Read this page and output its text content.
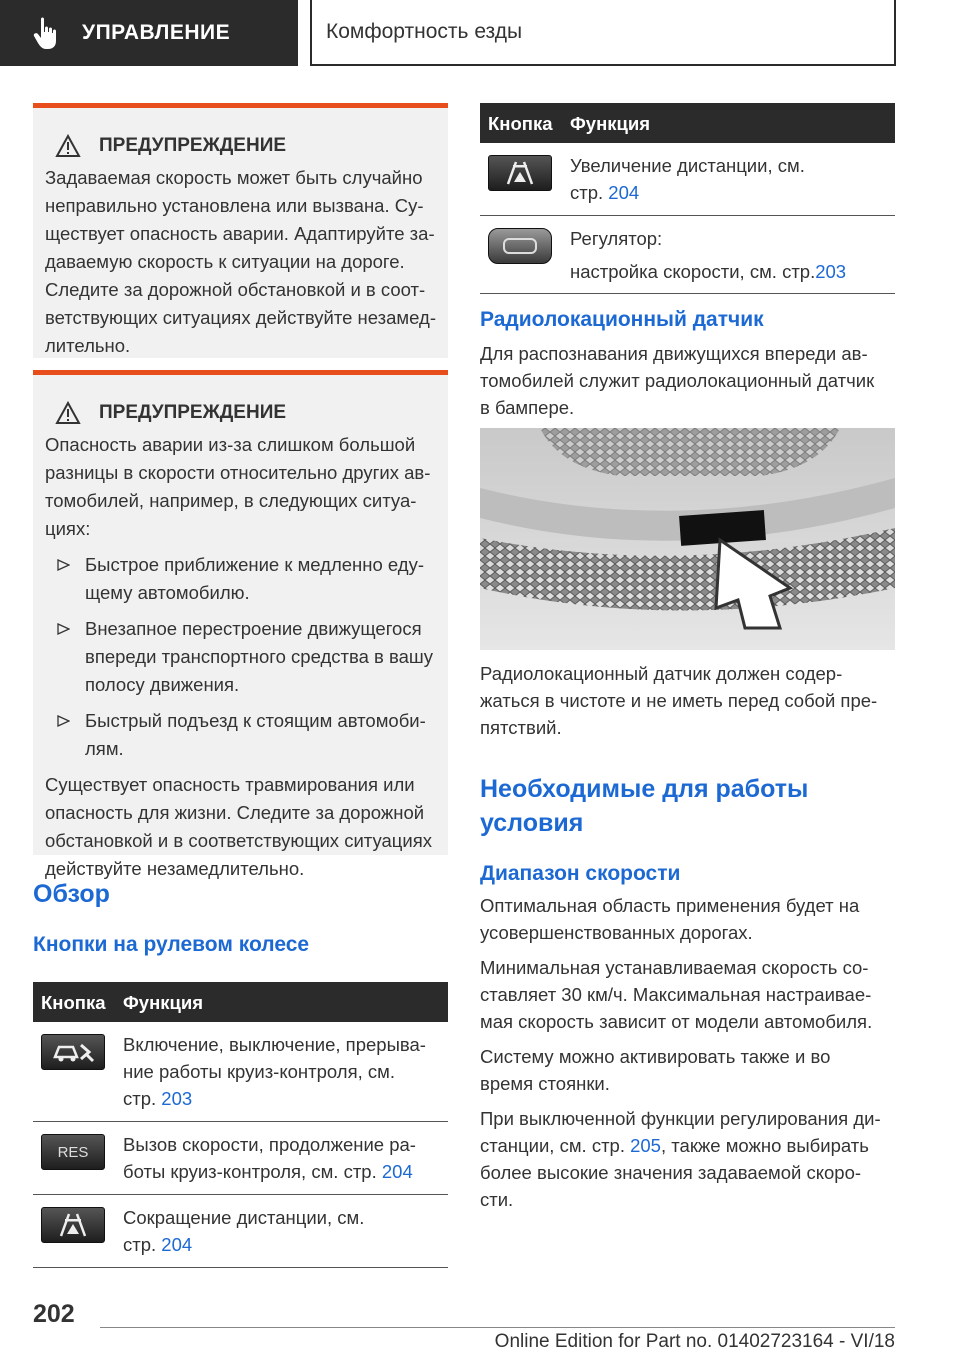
УПРАВЛЕНИЕ	Комфортность езды
ПРЕДУПРЕЖДЕНИЕ

Задаваемая скорость может быть случайно
неправильно установлена или вызвана. Су-
ществует опасность аварии. Адаптируйте за-
даваемую скорость к ситуации на дороге.
Следите за дорожной обстановкой и в соот-
ветствующих ситуациях действуйте незамед-
лительно.

ПРЕДУПРЕЖДЕНИЕ

Опасность аварии из-за слишком большой
разницы в скорости относительно других ав-
томобилей, например, в следующих ситуа-
циях:

Быстрое приближение к медленно еду-
щему автомобилю.
Внезапное перестроение движущегося
впереди транспортного средства в вашу
полосу движения.
Быстрый подъезд к стоящим автомоби-
лям.

Существует опасность травмирования или
опасность для жизни. Следите за дорожной
обстановкой и в соответствующих ситуациях
действуйте незамедлительно.

Обзор
Кнопки на рулевом колесе
Кнопка	Функция

	Включение, выключение, прерыва-
ние работы круиз-контроля, см.
стр. 203

RES	Вызов скорости, продолжение ра-
боты круиз-контроля, см. стр. 204

	Сокращение дистанции, см.
стр. 204
Кнопка	Функция

	Увеличение дистанции, см.
стр. 204

	Регулятор:
настройка скорости, см. стр.203
Радиолокационный датчик
Для распознавания движущихся впереди ав-
томобилей служит радиолокационный датчик
в бампере.
Радиолокационный датчик должен содер-
жаться в чистоте и не иметь перед собой пре-
пятствий.
Необходимые для работы
условия
Диапазон скорости
Оптимальная область применения будет на
усовершенствованных дорогах.
Минимальная устанавливаемая скорость со-
ставляет 30 км/ч. Максимальная настраивае-
мая скорость зависит от модели автомобиля.
Систему можно активировать также и во
время стоянки.
При выключенной функции регулирования ди-
станции, см. стр. 205, также можно выбирать
более высокие значения задаваемой скоро-
сти.
202
Online Edition for Part no. 01402723164 - VI/18
